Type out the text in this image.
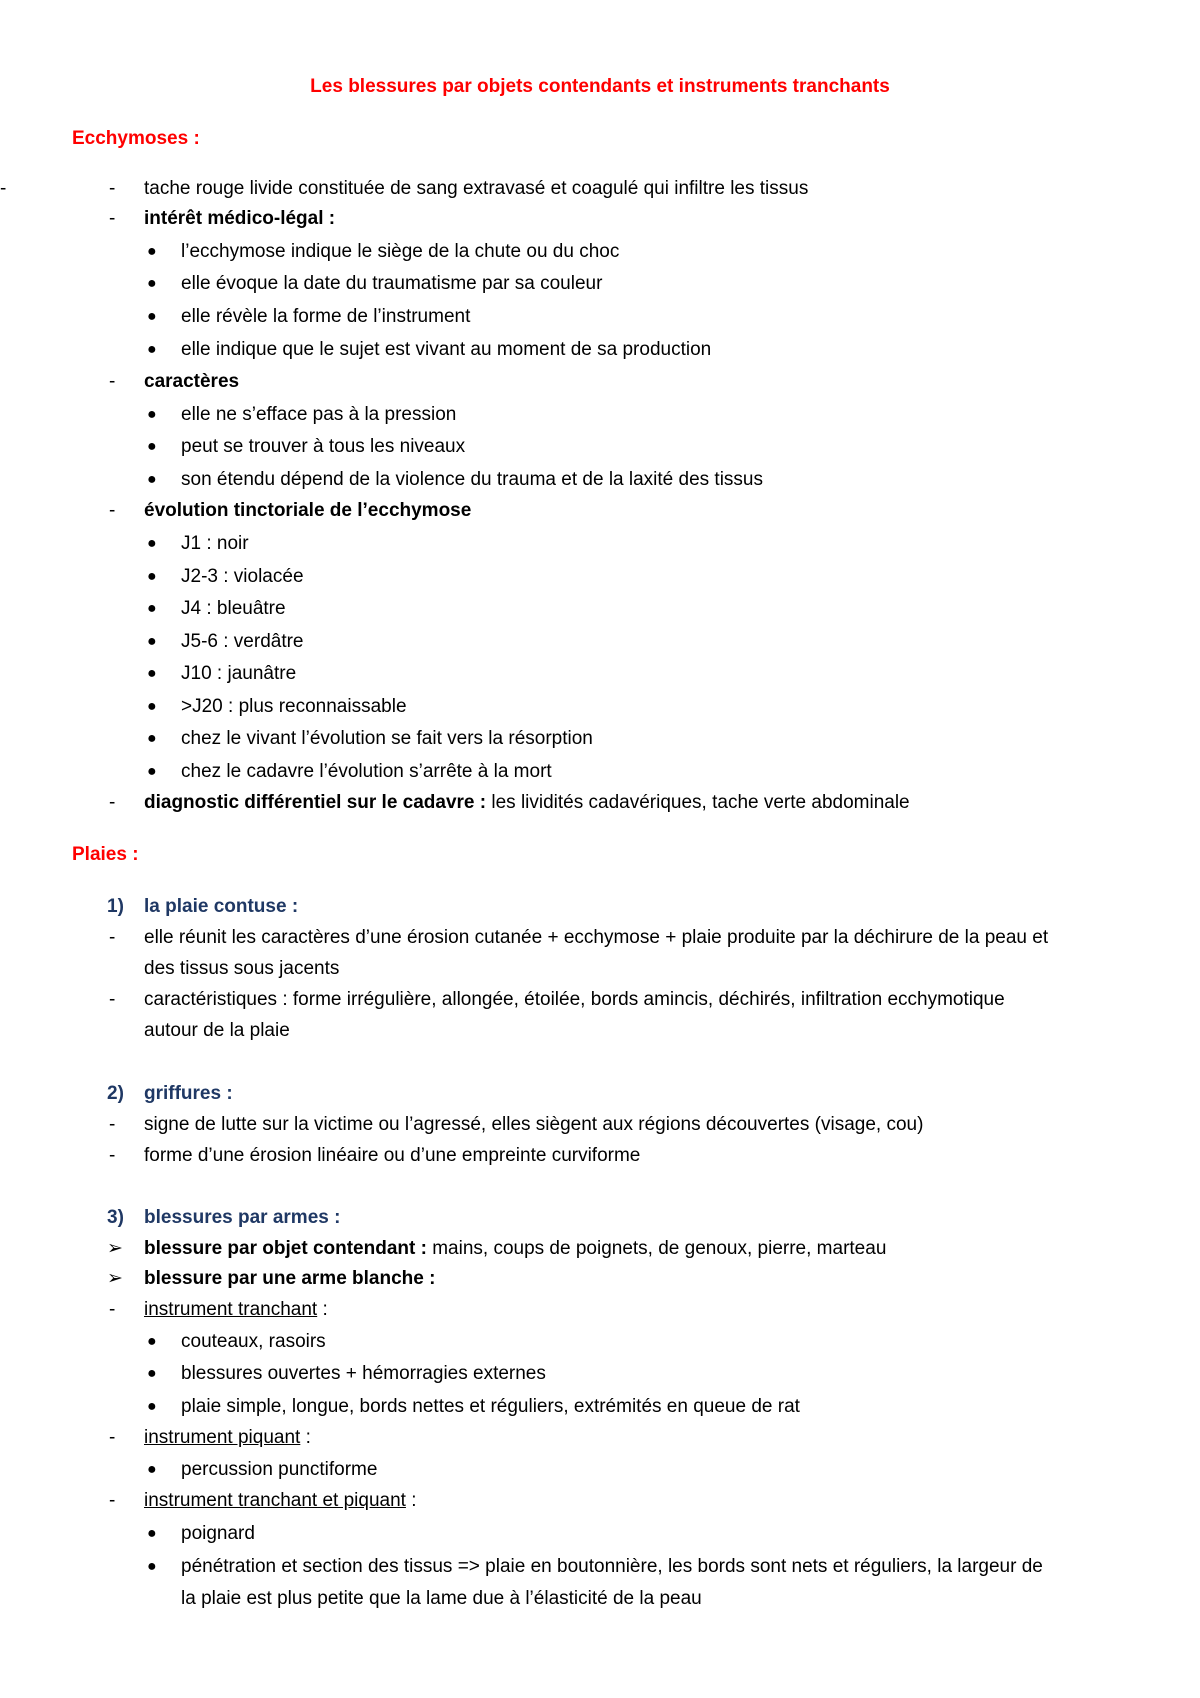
Les blessures par objets contendants et instruments tranchants
Ecchymoses :
-	- tache rouge livide constituée de sang extravasé et coagulé qui infiltre les tissus
- intérêt médico-légal :
● l’ecchymose indique le siège de la chute ou du choc
● elle évoque la date du traumatisme par sa couleur
● elle révèle la forme de l’instrument
● elle indique que le sujet est vivant au moment de sa production
- caractères
● elle ne s’efface pas à la pression
● peut se trouver à tous les niveaux
● son étendu dépend de la violence du trauma et de la laxité des tissus
- évolution tinctoriale de l’ecchymose
● J1 : noir
● J2-3 : violacée
● J4 : bleuâtre
● J5-6 : verdâtre
● J10 : jaunâtre
● >J20 : plus reconnaissable
● chez le vivant l’évolution se fait vers la résorption
● chez le cadavre l’évolution s’arrête à la mort
- diagnostic différentiel sur le cadavre : les lividités cadavériques, tache verte abdominale
Plaies :
1) la plaie contuse :
- elle réunit les caractères d’une érosion cutanée + ecchymose + plaie produite par la déchirure de la peau et
des tissus sous jacents
- caractéristiques : forme irrégulière, allongée, étoilée, bords amincis, déchirés, infiltration ecchymotique
autour de la plaie
2) griffures :
- signe de lutte sur la victime ou l’agressé, elles siègent aux régions découvertes (visage, cou)
- forme d’une érosion linéaire ou d’une empreinte curviforme
3) blessures par armes :
➢ blessure par objet contendant : mains, coups de poignets, de genoux, pierre, marteau
➢ blessure par une arme blanche :
- instrument tranchant :
● couteaux, rasoirs
● blessures ouvertes + hémorragies externes
● plaie simple, longue, bords nettes et réguliers, extrémités en queue de rat
- instrument piquant :
● percussion punctiforme
- instrument tranchant et piquant :
● poignard
● pénétration et section des tissus => plaie en boutonnière, les bords sont nets et réguliers, la largeur de
la plaie est plus petite que la lame due à l’élasticité de la peau
